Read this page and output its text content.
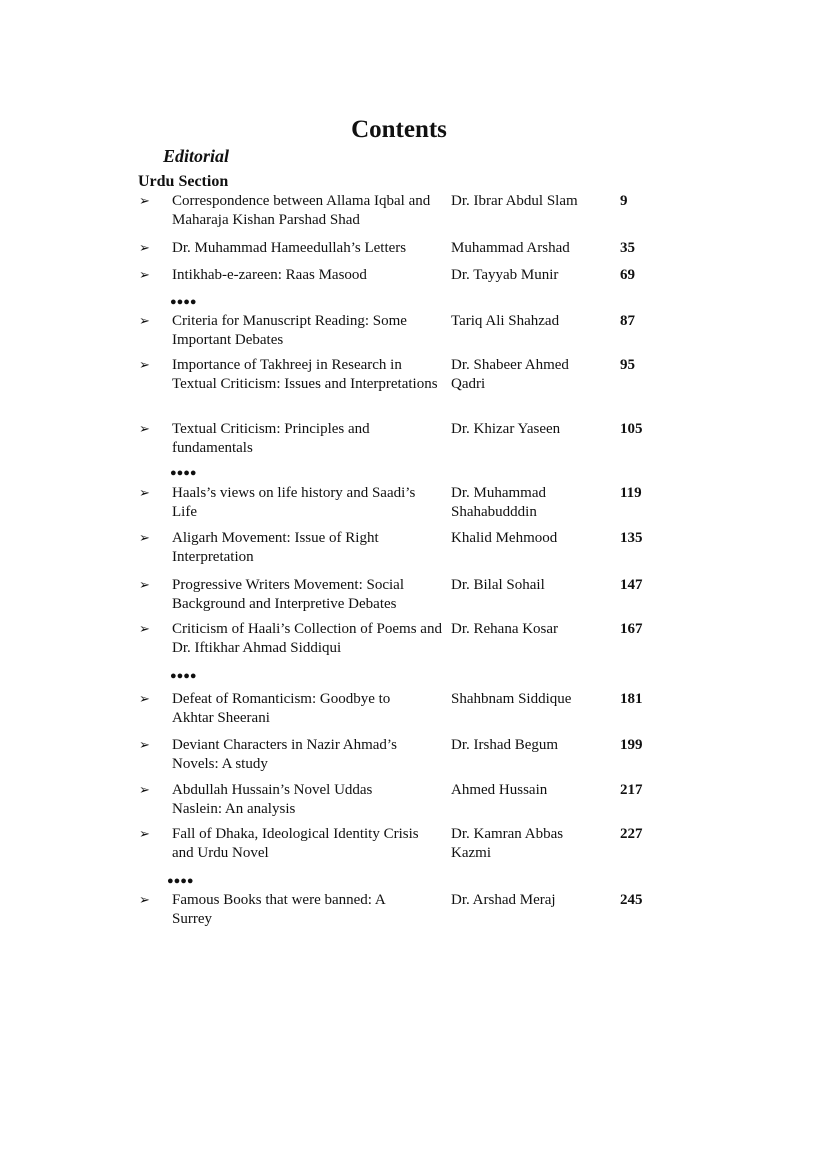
Contents
Editorial
Urdu Section
➢ Correspondence between Allama Iqbal and Maharaja Kishan Parshad Shad
Dr. Ibrar Abdul Slam	9
➢ Dr. Muhammad Hameedullah’s Letters	Muhammad Arshad	35
➢ Intikhab-e-zareen: Raas Masood	Dr. Tayyab Munir	69
●●●●
➢ Criteria for Manuscript Reading: Some Important Debates
Tariq Ali Shahzad	87
➢ Importance of Takhreej in Research in Textual Criticism: Issues and Interpretations
Dr. Shabeer Ahmed Qadri
95
➢ Textual Criticism: Principles and fundamentals
Dr. Khizar Yaseen	105
●●●●
➢ Haals’s views on life history and Saadi’s Life
Dr. Muhammad Shahabudddin
119
➢ Aligarh Movement: Issue of Right Interpretation
Khalid Mehmood	135
➢ Progressive Writers Movement: Social Background and Interpretive Debates
Dr. Bilal Sohail	147
➢ Criticism of Haali’s Collection of Poems and Dr. Iftikhar Ahmad Siddiqui
Dr. Rehana Kosar	167
●●●●
➢ Defeat of Romanticism: Goodbye to Akhtar Sheerani
Shahbnam Siddique	181
➢ Deviant Characters in Nazir Ahmad’s Novels: A study
Dr. Irshad Begum	199
➢ Abdullah Hussain’s Novel Uddas Naslein: An analysis
Ahmed Hussain	217
➢ Fall of Dhaka, Ideological Identity Crisis and Urdu Novel
Dr. Kamran Abbas Kazmi
227
●●●●
➢ Famous Books that were banned: A Surrey
Dr. Arshad Meraj	245
